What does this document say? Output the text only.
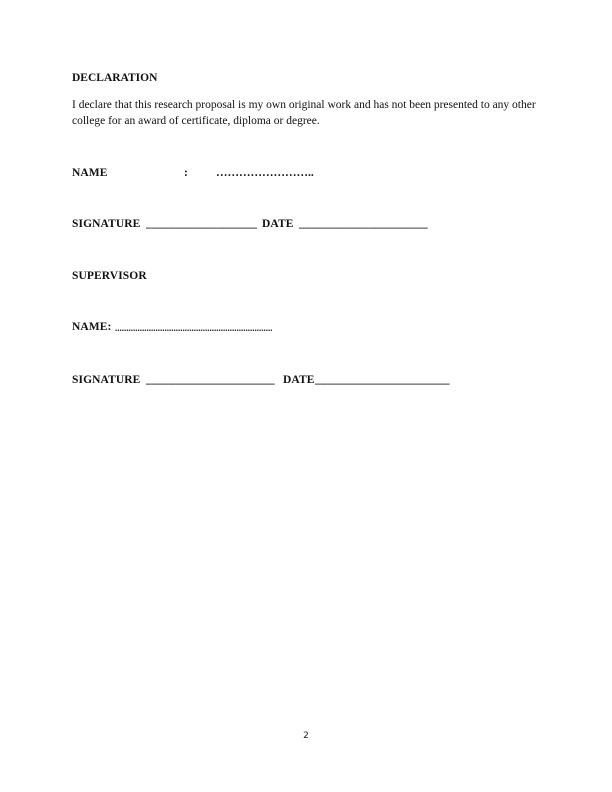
DECLARATION

I declare that this research proposal is my own original work and has not been presented to any other college for an award of certificate, diploma or degree.

NAME	: ……………………..
SIGNATURE ___________________ DATE ______________________
SUPERVISOR
NAME: ......................................................................
SIGNATURE ______________________ DATE _______________________

2
